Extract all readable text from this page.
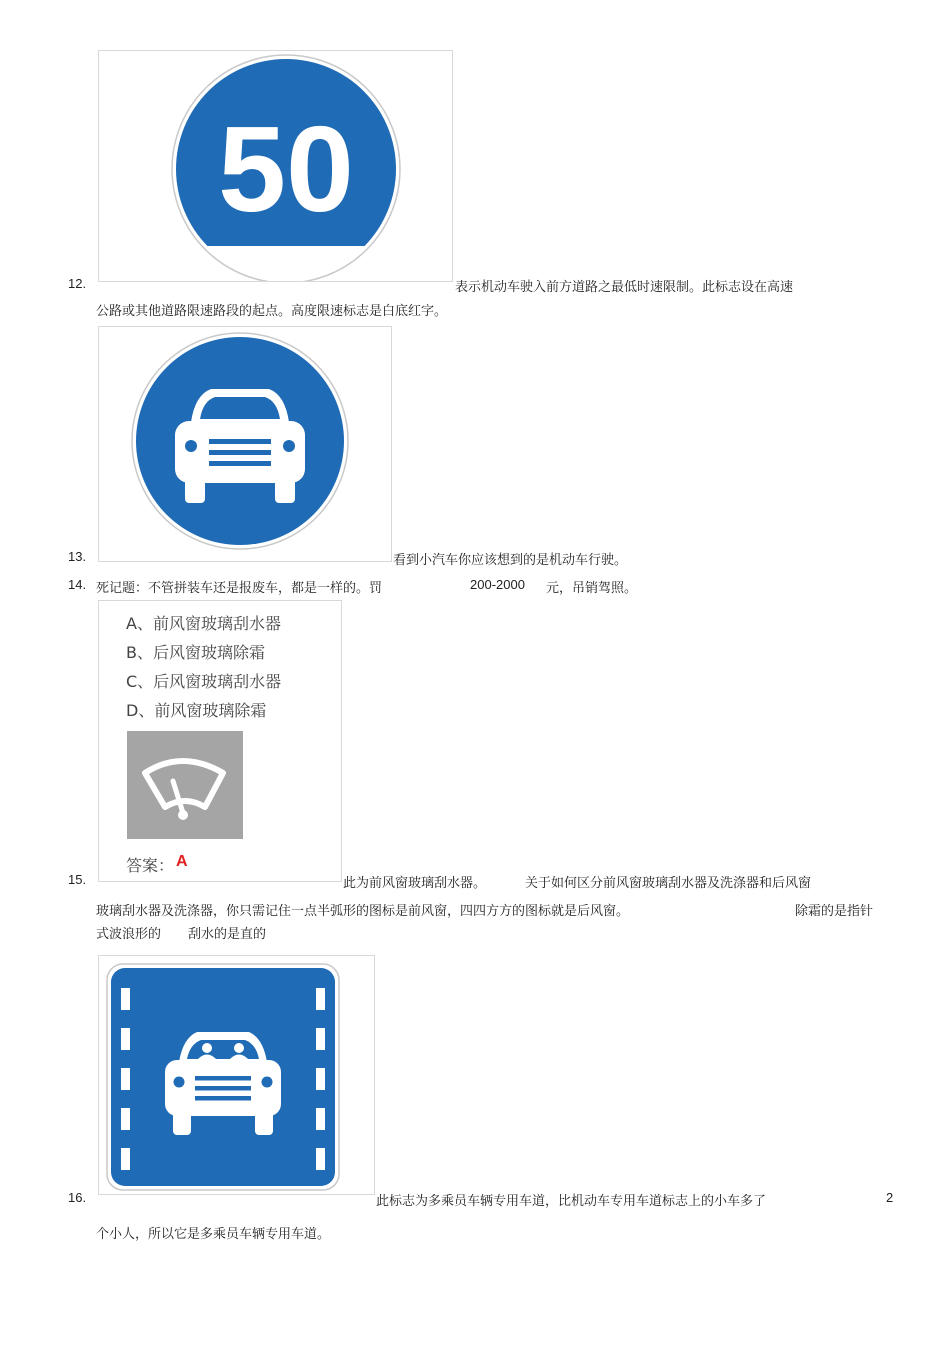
50
12.	表示机动车驶入前方道路之最低时速限制。此标志设在高速
公路或其他道路限速路段的起点。高度限速标志是白底红字。
13.	看到小汽车你应该想到的是机动车行驶。
14. 死记题：不管拼装车还是报废车，都是一样的。罚	200-2000 元，吊销驾照。
A、前风窗玻璃刮水器
B、后风窗玻璃除霜
C、后风窗玻璃刮水器
D、前风窗玻璃除霜
答案： A
15.	此为前风窗玻璃刮水器。	关于如何区分前风窗玻璃刮水器及洗涤器和后风窗
玻璃刮水器及洗涤器，你只需记住一点半弧形的图标是前风窗，四四方方的图标就是后风窗。	除霜的是指针
式波浪形的 刮水的是直的
16.	此标志为多乘员车辆专用车道，比机动车专用车道标志上的小车多了	2
个小人，所以它是多乘员车辆专用车道。
